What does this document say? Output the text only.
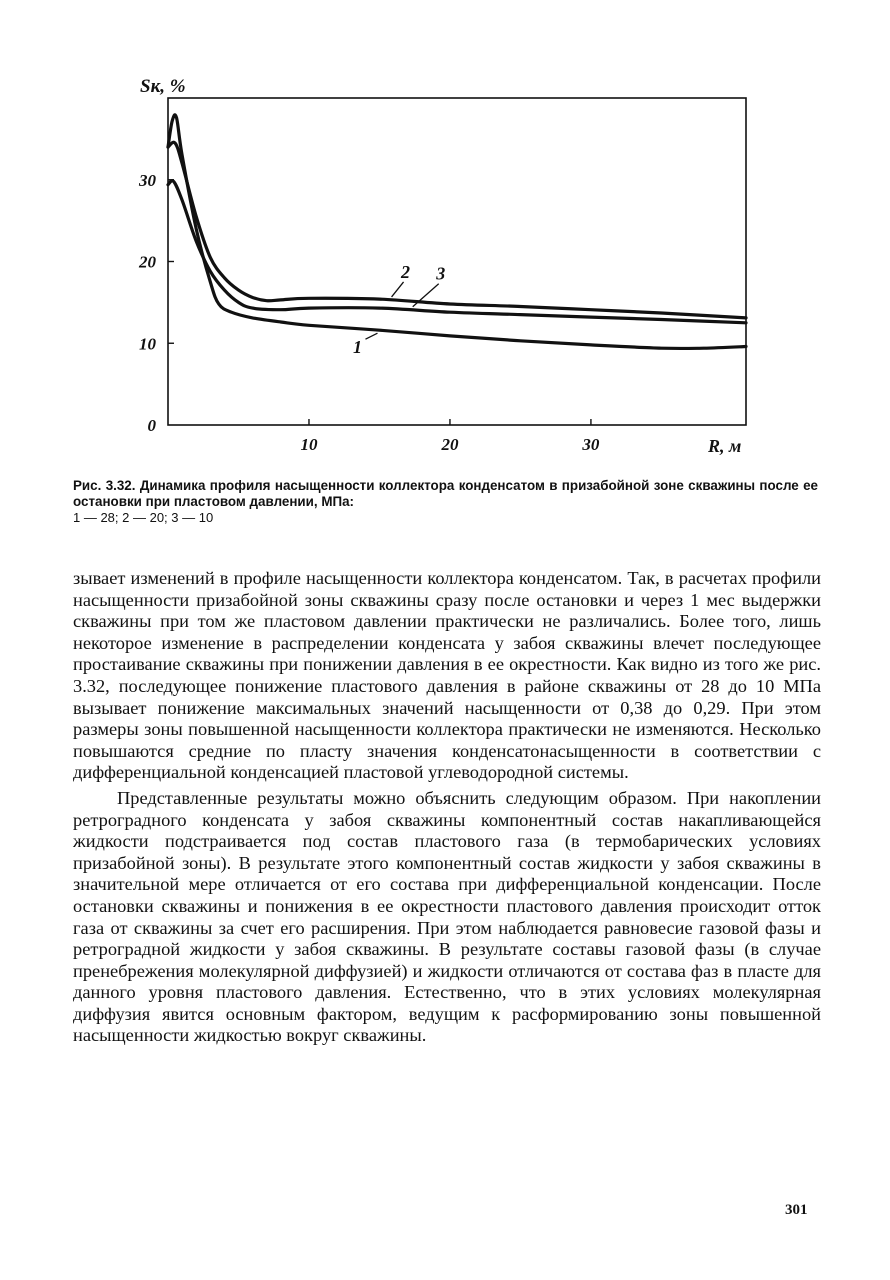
0
10
20
30
10	20	30
1
2 3
Sк, %
R, м
Рис. 3.32. Динамика профиля насыщенности коллектора конденсатом в призабойной зоне скважины после ее остановки при пластовом давлении, МПа:
1 — 28; 2 — 20; 3 — 10

зывает изменений в профиле насыщенности коллектора конденсатом. Так, в расчетах профили насыщенности призабойной зоны скважины сразу после остановки и через 1 мес выдержки скважины при том же пластовом давлении практически не различались. Более того, лишь некоторое изменение в распределении конденсата у забоя скважины влечет последующее простаивание скважины при понижении давления в ее окрестности. Как видно из того же рис. 3.32, последующее понижение пластового давления в районе скважины от 28 до 10 МПа вызывает понижение максимальных значений насыщенности от 0,38 до 0,29. При этом размеры зоны повышенной насыщенности коллектора практически не изменяются. Несколько повышаются средние по пласту значения конденсатонасыщенности в соответствии с дифференциальной конденсацией пластовой углеводородной системы.

Представленные результаты можно объяснить следующим образом. При накоплении ретроградного конденсата у забоя скважины компонентный состав накапливающейся жидкости подстраивается под состав пластового газа (в термобарических условиях призабойной зоны). В результате этого компонентный состав жидкости у забоя скважины в значительной мере отличается от его состава при дифференциальной конденсации. После остановки скважины и понижения в ее окрестности пластового давления происходит отток газа от скважины за счет его расширения. При этом наблюдается равновесие газовой фазы и ретроградной жидкости у забоя скважины. В результате составы газовой фазы (в случае пренебрежения молекулярной диффузией) и жидкости отличаются от состава фаз в пласте для данного уровня пластового давления. Естественно, что в этих условиях молекулярная диффузия явится основным фактором, ведущим к расформированию зоны повышенной насыщенности жидкостью вокруг скважины.

301
